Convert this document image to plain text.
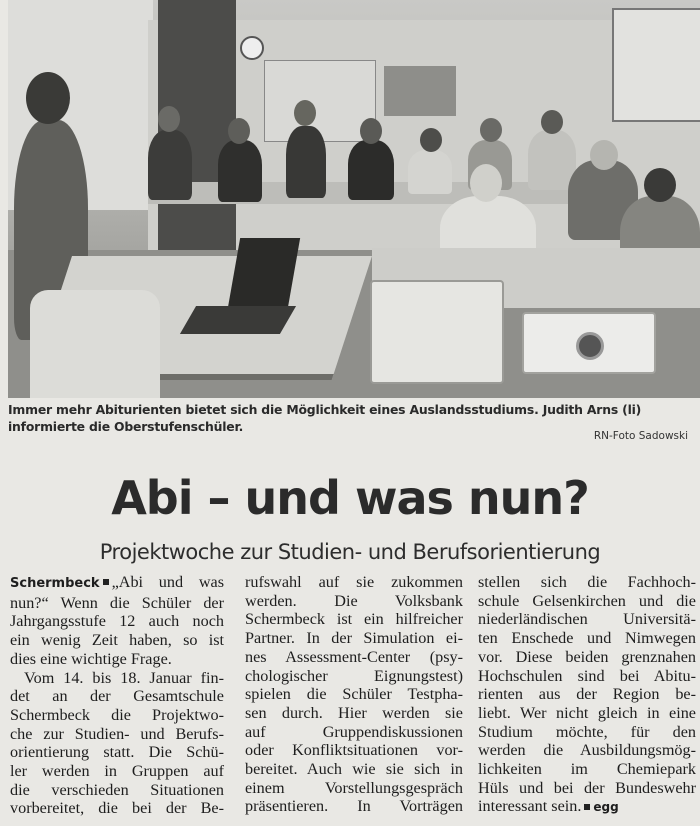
Immer mehr Abiturienten bietet sich die Möglichkeit eines Auslandsstudiums. Judith Arns (li) informierte die Oberstufenschüler.
RN-Foto Sadowski
Abi – und was nun?
Projektwoche zur Studien- und Berufsorientierung
Schermbeck „Abi und was
nun?“ Wenn die Schüler der
Jahrgangsstufe 12 auch noch
ein wenig Zeit haben, so ist
dies eine wichtige Frage.
Vom 14. bis 18. Januar fin-
det an der Gesamtschule
Schermbeck die Projektwo-
che zur Studien- und Berufs-
orientierung statt. Die Schü-
ler werden in Gruppen auf
die verschieden Situationen
vorbereitet, die bei der Be-
rufswahl auf sie zukommen
werden. Die Volksbank
Schermbeck ist ein hilfreicher
Partner. In der Simulation ei-
nes Assessment-Center (psy-
chologischer Eignungstest)
spielen die Schüler Testpha-
sen durch. Hier werden sie
auf Gruppendiskussionen
oder Konfliktsituationen vor-
bereitet. Auch wie sie sich in
einem Vorstellungsgespräch
präsentieren. In Vorträgen
stellen sich die Fachhoch-
schule Gelsenkirchen und die
niederländischen Universitä-
ten Enschede und Nimwegen
vor. Diese beiden grenznahen
Hochschulen sind bei Abitu-
rienten aus der Region be-
liebt. Wer nicht gleich in eine
Studium möchte, für den
werden die Ausbildungsmög-
lichkeiten im Chemiepark
Hüls und bei der Bundeswehr
interessant sein. egg
